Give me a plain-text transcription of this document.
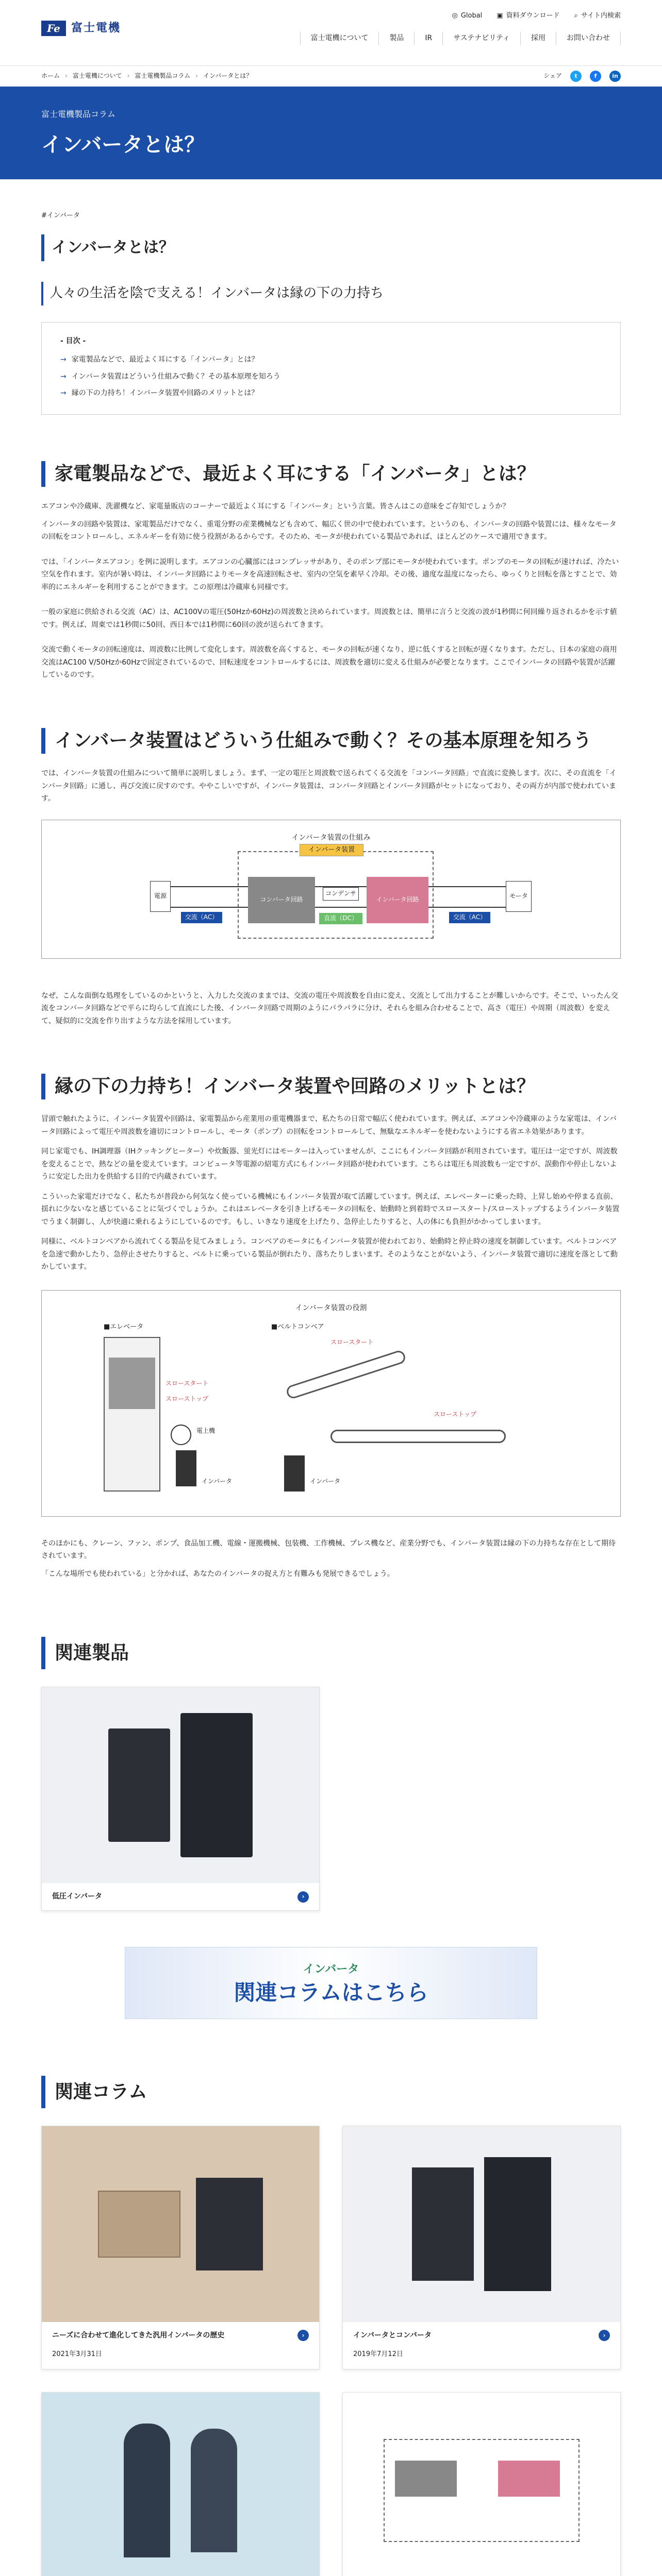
Fe 富士電機
◎ Global ▣ 資料ダウンロード ⌕ サイト内検索
富士電機について	製品	IR	サステナビリティ	採用	お問い合わせ
ホーム › 富士電機について › 富士電機製品コラム › インバータとは？	シェア	t	f	in
富士電機製品コラム
インバータとは？
#インバータ
インバータとは？
人々の生活を陰で支える！インバータは縁の下の力持ち
- 目次 -
→ 家電製品などで、最近よく耳にする「インバータ」とは？
→ インバータ装置はどういう仕組みで動く？その基本原理を知ろう
→ 縁の下の力持ち！インバータ装置や回路のメリットとは？
家電製品などで、最近よく耳にする「インバータ」とは？

エアコンや冷蔵庫、洗濯機など、家電量販店のコーナーで最近よく耳にする「インバータ」という言葉。皆さんはこの意味をご存知でしょうか？

インバータの回路や装置は、家電製品だけでなく、重電分野の産業機械なども含めて、幅広く世の中で使われています。というのも、インバータの回路や装置には、様々なモータの回転をコントロールし、エネルギーを有効に使う役割があるからです。そのため、モータが使われている製品であれば、ほとんどのケースで適用できます。

では、「インバータエアコン」を例に説明します。エアコンの心臓部にはコンプレッサがあり、そのポンプ部にモータが使われています。ポンプのモータの回転が速ければ、冷たい空気を作れます。室内が暑い時は、インバータ回路によりモータを高速回転させ、室内の空気を素早く冷却。その後、適度な温度になったら、ゆっくりと回転を落とすことで、効率的にエネルギーを利用することができます。この原理は冷蔵庫も同様です。

一般の家庭に供給される交流（AC）は、AC100Vの電圧(50Hzか60Hz)の周波数と決められています。周波数とは、簡単に言うと交流の波が1秒間に何回繰り返されるかを示す値です。例えば、周東では1秒間に50回、西日本では1秒間に60回の波が送られてきます。

交流で動くモータの回転速度は、周波数に比例して変化します。周波数を高くすると、モータの回転が速くなり、逆に低くすると回転が遅くなります。ただし、日本の家庭の商用交流はAC100 V/50Hzか60Hzで固定されているので、回転速度をコントロールするには、周波数を適切に変える仕組みが必要となります。ここでインバータの回路や装置が活躍しているのです。

インバータ装置はどういう仕組みで動く？その基本原理を知ろう

では、インバータ装置の仕組みについて簡単に説明しましょう。まず、一定の電圧と周波数で送られてくる交流を「コンバータ回路」で直流に変換します。次に、その直流を「インバータ回路」に通し、再び交流に戻すのです。ややこしいですが、インバータ装置は、コンバータ回路とインバータ回路がセットになっており、その両方が内部で使われています。

インバータ装置の仕組み
インバータ装置
電源
交流（AC）
コンバータ回路
コンデンサ
直流（DC）
インバータ回路
交流（AC）
モータ

なぜ、こんな面倒な処理をしているのかというと、入力した交流のままでは、交流の電圧や周波数を自由に変え、交流として出力することが難しいからです。そこで、いったん交流をコンバータ回路などで平らに均らして直流にした後、インバータ回路で周期のようにパラパラに分け、それらを組み合わせることで、高さ（電圧）や周期（周波数）を変えて、疑似的に交流を作り出すような方法を採用しています。

縁の下の力持ち！インバータ装置や回路のメリットとは？

冒頭で触れたように、インバータ装置や回路は、家電製品から産業用の重電機器まで、私たちの日常で幅広く使われています。例えば、エアコンや冷蔵庫のような家電は、インバータ回路によって電圧や周波数を適切にコントロールし、モータ（ポンプ）の回転をコントロールして、無駄なエネルギーを使わないようにする省エネ効果があります。

同じ家電でも、IH調理器（IHクッキングヒーター）や炊飯器、蛍光灯にはモーターは入っていませんが、ここにもインバータ回路が利用されています。電圧は一定ですが、周波数を変えることで、熱などの量を変えています。コンピュータ等電源の紹電方式にもインバータ回路が使われています。こちらは電圧も周波数も一定ですが、誤動作や停止しないように安定した出力を供給する目的で内蔵されています。

こういった家電だけでなく、私たちが普段から何気なく使っている機械にもインバータ装置が取て活躍しています。例えば、エレベーターに乗った時、上昇し始めや停まる直前、揺れに少ないなと感じていることに気づくでしょうか。これはエレベータを引き上げるモータの回転を、始動時と到着時でスロースタート/スローストップするようインバータ装置でうまく制御し、人が快適に乗れるようにしているのです。もし、いきなり速度を上げたり、急停止したりすると、人の体にも負担がかかってしまいます。

同様に、ベルトコンベアから流れてくる製品を見てみましょう。コンベアのモータにもインバータ装置が使われており、始動時と停止時の速度を制御しています。ベルトコンベアを急速で動かしたり、急停止させたりすると、ベルトに乗っている製品が倒れたり、落ちたりしまいます。そのようなことがないよう、インバータ装置で適切に速度を落として動かしています。

インバータ装置の役割
■エレベータ	■ベルトコンベア
スロースタート
スローストップ
電上機
インバータ
スロースタート
スローストップ
インバータ

そのほかにも、クレーン、ファン、ポンプ、食品加工機、電線・運搬機械、包装機、工作機械、プレス機など、産業分野でも、インバータ装置は縁の下の力持ちな存在として期待されています。

「こんな場所でも使われている」と分かれば、あなたのインバータの捉え方と有難みも発展できるでしょう。

関連製品
低圧インバータ	›
インバータ
関連コラムはこちら
関連コラム
ニーズに合わせて進化してきた汎用インバータの歴史	›
2021年3月31日
インバータとコンバータ	›
2019年7月12日
